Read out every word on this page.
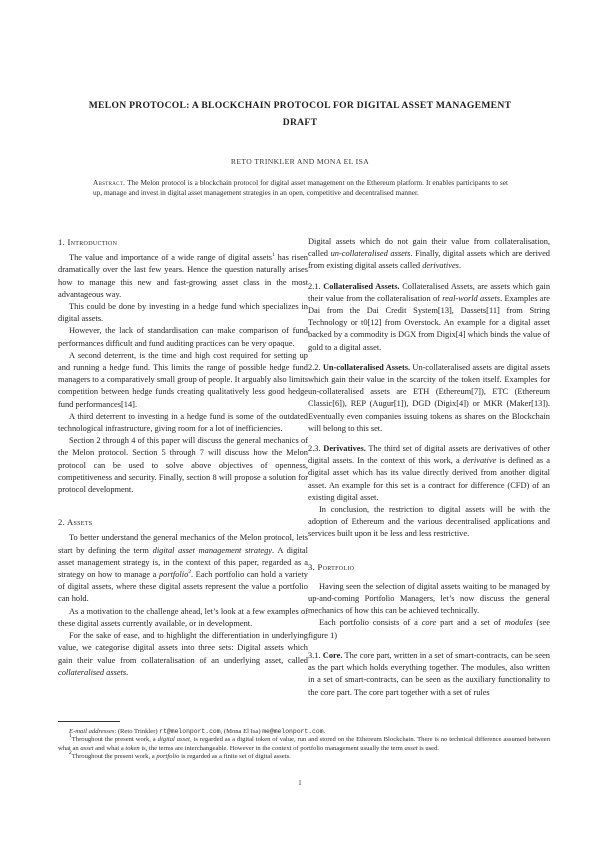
MELON PROTOCOL: A BLOCKCHAIN PROTOCOL FOR DIGITAL ASSET MANAGEMENT
DRAFT
RETO TRINKLER AND MONA EL ISA
Abstract. The Melon protocol is a blockchain protocol for digital asset management on the Ethereum platform. It enables participants to set up, manage and invest in digital asset management strategies in an open, competitive and decentralised manner.

1. Introduction

The value and importance of a wide range of digital assets$^1$ has risen dramatically over the last few years. Hence the question naturally arises how to manage this new and fast-growing asset class in the most advantageous way.

This could be done by investing in a hedge fund which specializes in digital assets.

However, the lack of standardisation can make comparison of fund performances difficult and fund auditing practices can be very opaque.

A second deterrent, is the time and high cost required for setting up and running a hedge fund. This limits the range of possible hedge fund managers to a comparatively small group of people. It arguably also limits competition between hedge funds creating qualitatively less good hedge fund performances[14].

A third deterrent to investing in a hedge fund is some of the outdated technological infrastructure, giving room for a lot of inefficiencies.

Section 2 through 4 of this paper will discuss the general mechanics of the Melon protocol. Section 5 through 7 will discuss how the Melon protocol can be used to solve above objectives of openness, competitiveness and security. Finally, section 8 will propose a solution for protocol development.

2. Assets

To better understand the general mechanics of the Melon protocol, lets start by defining the term digital asset management strategy. A digital asset management strategy is, in the context of this paper, regarded as a strategy on how to manage a portfolio$^2$. Each portfolio can hold a variety of digital assets, where these digital assets represent the value a portfolio can hold.

As a motivation to the challenge ahead, let’s look at a few examples of these digital assets currently available, or in development.

For the sake of ease, and to highlight the differentiation in underlying value, we categorise digital assets into three sets: Digital assets which gain their value from collateralisation of an underlying asset, called collateralised assets.

Digital assets which do not gain their value from collateralisation, called un-collateralised assets. Finally, digital assets which are derived from existing digital assets called derivatives.

2.1. Collateralised Assets. Collateralised Assets, are assets which gain their value from the collateralisation of real-world assets. Examples are Dai from the Dai Credit System[13], Dassets[11] from String Technology or t0[12] from Overstock. An example for a digital asset backed by a commodity is DGX from Digix[4] which binds the value of gold to a digital asset.

2.2. Un-collateralised Assets. Un-collateralised assets are digital assets which gain their value in the scarcity of the token itself. Examples for un-collateralised assets are ETH (Ethereum[7]), ETC (Ethereum Classic[6]), REP (Augur[1]), DGD (Digix[4]) or MKR (Maker[13]). Eventually even companies issuing tokens as shares on the Blockchain will belong to this set.

2.3. Derivatives. The third set of digital assets are derivatives of other digital assets. In the context of this work, a derivative is defined as a digital asset which has its value directly derived from another digital asset. An example for this set is a contract for difference (CFD) of an existing digital asset.

In conclusion, the restriction to digital assets will be with the adoption of Ethereum and the various decentralised applications and services built upon it be less and less restrictive.

3. Portfolio

Having seen the selection of digital assets waiting to be managed by up-and-coming Portfolio Managers, let’s now discuss the general mechanics of how this can be achieved technically.

Each portfolio consists of a core part and a set of modules (see figure 1)

3.1. Core. The core part, written in a set of smart-contracts, can be seen as the part which holds everything together. The modules, also written in a set of smart-contracts, can be seen as the auxiliary functionality to the core part. The core part together with a set of rules

E-mail addresses: (Reto Trinkler) rt@melonport.com, (Mona El Isa) me@melonport.com.

$^1$Throughout the present work, a digital asset, is regarded as a digital token of value, run and stored on the Ethereum Blockchain. There is no technical difference assumed between what an asset and what a token is, the terms are interchangeable. However in the context of portfolio management usually the term asset is used.

$^2$Throughout the present work, a portfolio is regarded as a finite set of digital assets.

1
